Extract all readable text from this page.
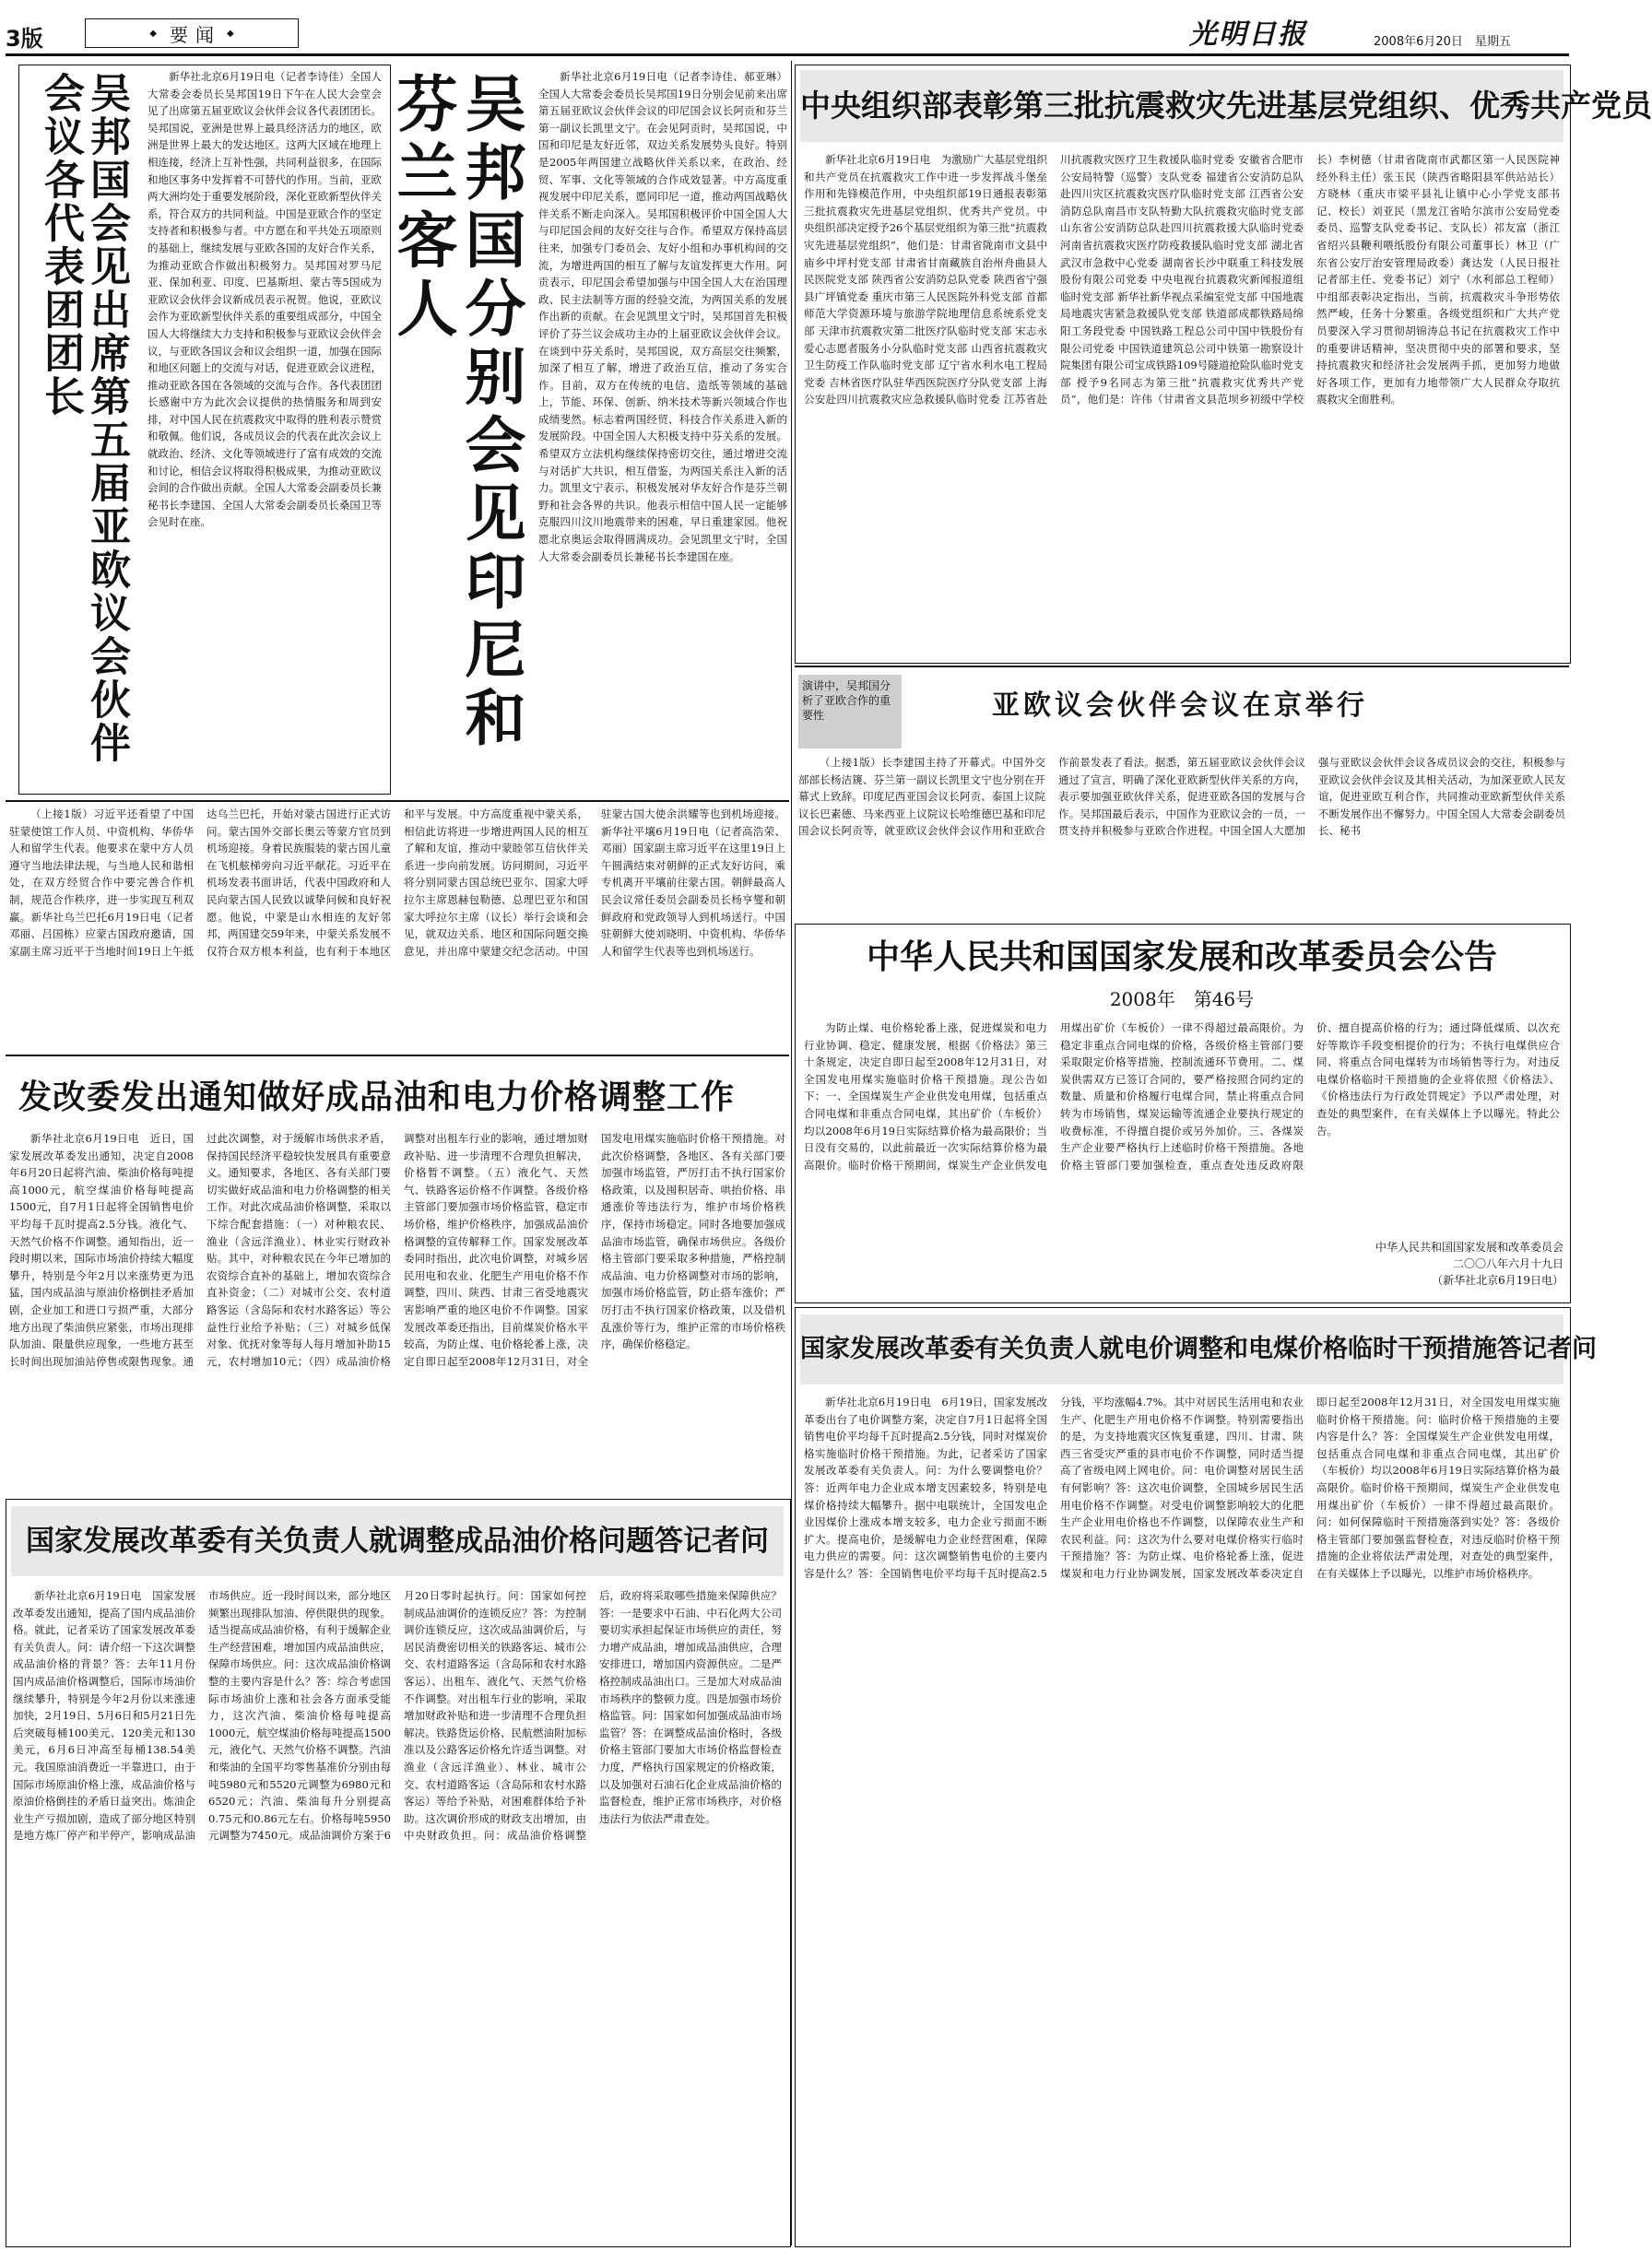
3版	◆ 要闻 ◆	光明日报	2008年6月20日　星期五
吴邦国会见出席第五届亚欧议会伙伴会议各代表团团长	新华社北京6月19日电（记者李诗佳）全国人大常委会委员长吴邦国19日下午在人民大会堂会见了出席第五届亚欧议会伙伴会议各代表团团长。吴邦国说，亚洲是世界上最具经济活力的地区，欧洲是世界上最大的发达地区。这两大区域在地理上相连接，经济上互补性强，共同利益很多，在国际和地区事务中发挥着不可替代的作用。当前，亚欧两大洲均处于重要发展阶段，深化亚欧新型伙伴关系，符合双方的共同利益。中国是亚欧合作的坚定支持者和积极参与者。中方愿在和平共处五项原则的基础上，继续发展与亚欧各国的友好合作关系，为推动亚欧合作做出积极努力。吴邦国对罗马尼亚、保加利亚、印度、巴基斯坦、蒙古等5国成为亚欧议会伙伴会议新成员表示祝贺。他说，亚欧议会作为亚欧新型伙伴关系的重要组成部分，中国全国人大将继续大力支持和积极参与亚欧议会伙伴会议，与亚欧各国议会和议会组织一道，加强在国际和地区问题上的交流与对话，促进亚欧会议进程，推动亚欧各国在各领域的交流与合作。各代表团团长感谢中方为此次会议提供的热情服务和周到安排，对中国人民在抗震救灾中取得的胜利表示赞赏和敬佩。他们说，各成员议会的代表在此次会议上就政治、经济、文化等领域进行了富有成效的交流和讨论，相信会议将取得积极成果，为推动亚欧议会间的合作做出贡献。全国人大常委会副委员长兼秘书长李建国、全国人大常委会副委员长桑国卫等会见时在座。	吴邦国分别会见印尼和芬兰客人	新华社北京6月19日电（记者李诗佳、郝亚琳）全国人大常委会委员长吴邦国19日分别会见前来出席第五届亚欧议会伙伴会议的印尼国会议长阿贡和芬兰第一副议长凯里文宁。在会见阿贡时，吴邦国说，中国和印尼是友好近邻，双边关系发展势头良好。特别是2005年两国建立战略伙伴关系以来，在政治、经贸、军事、文化等领域的合作成效显著。中方高度重视发展中印尼关系，愿同印尼一道，推动两国战略伙伴关系不断走向深入。吴邦国积极评价中国全国人大与印尼国会间的友好交往与合作。希望双方保持高层往来，加强专门委员会、友好小组和办事机构间的交流，为增进两国的相互了解与友谊发挥更大作用。阿贡表示，印尼国会希望加强与中国全国人大在治国理政、民主法制等方面的经验交流，为两国关系的发展作出新的贡献。在会见凯里文宁时，吴邦国首先积极评价了芬兰议会成功主办的上届亚欧议会伙伴会议。在谈到中芬关系时，吴邦国说，双方高层交往频繁，加深了相互了解，增进了政治互信，推动了务实合作。目前，双方在传统的电信、造纸等领域的基础上，节能、环保、创新、纳米技术等新兴领域合作也成绩斐然。标志着两国经贸、科技合作关系进入新的发展阶段。中国全国人大积极支持中芬关系的发展。希望双方立法机构继续保持密切交往，通过增进交流与对话扩大共识，相互借鉴，为两国关系注入新的活力。凯里文宁表示，积极发展对华友好合作是芬兰朝野和社会各界的共识。他表示相信中国人民一定能够克服四川汶川地震带来的困难，早日重建家园。他祝愿北京奥运会取得圆满成功。会见凯里文宁时，全国人大常委会副委员长兼秘书长李建国在座。

中央组织部表彰第三批抗震救灾先进基层党组织、优秀共产党员

新华社北京6月19日电　为激励广大基层党组织和共产党员在抗震救灾工作中进一步发挥战斗堡垒作用和先锋模范作用，中央组织部19日通报表彰第三批抗震救灾先进基层党组织、优秀共产党员。中央组织部决定授予26个基层党组织为第三批“抗震救灾先进基层党组织”，他们是：甘肃省陇南市文县中庙乡中坪村党支部 甘肃省甘南藏族自治州舟曲县人民医院党支部 陕西省公安消防总队党委 陕西省宁强县广坪镇党委 重庆市第三人民医院外科党支部 首都师范大学资源环境与旅游学院地理信息系统系党支部 天津市抗震救灾第二批医疗队临时党支部 宋志永爱心志愿者服务小分队临时党支部 山西省抗震救灾卫生防疫工作队临时党支部 辽宁省水利水电工程局党委 吉林省医疗队驻华西医院医疗分队党支部 上海公安赴四川抗震救灾应急救援队临时党委 江苏省赴川抗震救灾医疗卫生救援队临时党委 安徽省合肥市公安局特警（巡警）支队党委 福建省公安消防总队赴四川灾区抗震救灾医疗队临时党支部 江西省公安消防总队南昌市支队特勤大队抗震救灾临时党支部 山东省公安消防总队赴四川抗震救援大队临时党委 河南省抗震救灾医疗防疫救援队临时党支部 湖北省武汉市急救中心党委 湖南省长沙中联重工科技发展股份有限公司党委 中央电视台抗震救灾新闻报道组临时党支部 新华社新华视点采编室党支部 中国地震局地震灾害紧急救援队党支部 铁道部成都铁路局绵阳工务段党委 中国铁路工程总公司中国中铁股份有限公司党委 中国铁道建筑总公司中铁第一勘察设计院集团有限公司宝成铁路109号隧道抢险队临时党支部 授予9名同志为第三批“抗震救灾优秀共产党员”，他们是：许伟（甘肃省文县范坝乡初级中学校长）李树德（甘肃省陇南市武都区第一人民医院神经外科主任）张玉民（陕西省略阳县军供站站长）方晓林（重庆市梁平县礼让镇中心小学党支部书记、校长）刘亚民（黑龙江省哈尔滨市公安局党委委员、巡警支队党委书记、支队长）祁友富（浙江省绍兴县鞭利喂纸股份有限公司董事长）林卫（广东省公安厅治安管理局政委）龚达发（人民日报社记者部主任、党委书记）刘宁（水利部总工程师）中组部表彰决定指出，当前，抗震救灾斗争形势依然严峻，任务十分繁重。各级党组织和广大共产党员要深入学习贯彻胡锦涛总书记在抗震救灾工作中的重要讲话精神，坚决贯彻中央的部署和要求，坚持抗震救灾和经济社会发展两手抓，更加努力地做好各项工作，更加有力地带领广大人民群众夺取抗震救灾全面胜利。

演讲中，吴邦国分析了亚欧合作的重要性	亚欧议会伙伴会议在京举行

（上接1版）长李建国主持了开幕式。中国外交部部长杨洁篪、芬兰第一副议长凯里文宁也分别在开幕式上致辞。印度尼西亚国会议长阿贡、泰国上议院议长巴素德、马来西亚上议院议长哈维德巴基和印尼国会议长阿贡等，就亚欧议会伙伴会议作用和亚欧合作前景发表了看法。据悉，第五届亚欧议会伙伴会议通过了宣言，明确了深化亚欧新型伙伴关系的方向，表示要加强亚欧伙伴关系，促进亚欧各国的发展与合作。吴邦国最后表示，中国作为亚欧议会的一员，一贯支持并积极参与亚欧合作进程。中国全国人大愿加强与亚欧议会伙伴会议各成员议会的交往，积极参与亚欧议会伙伴会议及其相关活动，为加深亚欧人民友谊，促进亚欧互利合作，共同推动亚欧新型伙伴关系不断发展作出不懈努力。中国全国人大常委会副委员长、秘书

（上接1版）习近平还看望了中国驻蒙使馆工作人员、中资机构、华侨华人和留学生代表。他要求在蒙中方人员遵守当地法律法规，与当地人民和谐相处，在双方经贸合作中要完善合作机制，规范合作秩序，进一步实现互利双赢。新华社乌兰巴托6月19日电（记者邓丽、吕国栋）应蒙古国政府邀请，国家副主席习近平于当地时间19日上午抵达乌兰巴托，开始对蒙古国进行正式访问。蒙古国外交部长奥云等蒙方官员到机场迎接。身着民族服装的蒙古国儿童在飞机舷梯旁向习近平献花。习近平在机场发表书面讲话，代表中国政府和人民向蒙古国人民致以诚挚问候和良好祝愿。他说，中蒙是山水相连的友好邻邦，两国建交59年来，中蒙关系发展不仅符合双方根本利益，也有利于本地区和平与发展。中方高度重视中蒙关系，相信此访将进一步增进两国人民的相互了解和友谊，推动中蒙睦邻互信伙伴关系进一步向前发展。访问期间，习近平将分别同蒙古国总统巴亚尔、国家大呼拉尔主席恩赫包勒德、总理巴亚尔和国家大呼拉尔主席（议长）举行会谈和会见，就双边关系、地区和国际问题交换意见，并出席中蒙建交纪念活动。中国驻蒙古国大使余洪耀等也到机场迎接。新华社平壤6月19日电（记者高浩荣、邓丽）国家副主席习近平在这里19日上午圆满结束对朝鲜的正式友好访问，乘专机离开平壤前往蒙古国。朝鲜最高人民会议常任委员会副委员长杨亨燮和朝鲜政府和党政领导人到机场送行。中国驻朝鲜大使刘晓明、中资机构、华侨华人和留学生代表等也到机场送行。	中华人民共和国国家发展和改革委员会公告
2008年　第46号

为防止煤、电价格轮番上涨，促进煤炭和电力行业协调、稳定、健康发展，根据《价格法》第三十条规定，决定自即日起至2008年12月31日，对全国发电用煤实施临时价格干预措施。现公告如下：一、全国煤炭生产企业供发电用煤，包括重点合同电煤和非重点合同电煤，其出矿价（车板价）均以2008年6月19日实际结算价格为最高限价；当日没有交易的，以此前最近一次实际结算价格为最高限价。临时价格干预期间，煤炭生产企业供发电用煤出矿价（车板价）一律不得超过最高限价。为稳定非重点合同电煤的价格，各级价格主管部门要采取限定价格等措施，控制流通环节费用。二、煤炭供需双方已签订合同的，要严格按照合同约定的数量、质量和价格履行电煤合同，禁止将重点合同转为市场销售，煤炭运输等流通企业要执行规定的收费标准，不得擅自提价或另外加价。三、各煤炭生产企业要严格执行上述临时价格干预措施。各地价格主管部门要加强检查，重点查处违反政府限价、擅自提高价格的行为；通过降低煤质、以次充好等欺诈手段变相提价的行为；不执行电煤供应合同、将重点合同电煤转为市场销售等行为。对违反电煤价格临时干预措施的企业将依照《价格法》、《价格违法行为行政处罚规定》予以严肃处理，对查处的典型案件，在有关媒体上予以曝光。特此公告。

中华人民共和国国家发展和改革委员会
二〇〇八年六月十九日
（新华社北京6月19日电）
发改委发出通知做好成品油和电力价格调整工作

新华社北京6月19日电　近日，国家发展改革委发出通知，决定自2008年6月20日起将汽油、柴油价格每吨提高1000元，航空煤油价格每吨提高1500元，自7月1日起将全国销售电价平均每千瓦时提高2.5分钱。液化气、天然气价格不作调整。通知指出，近一段时期以来，国际市场油价持续大幅度攀升，特别是今年2月以来涨势更为迅猛，国内成品油与原油价格倒挂矛盾加剧，企业加工和进口亏损严重，大部分地方出现了柴油供应紧张，市场出现排队加油、限量供应现象，一些地方甚至长时间出现加油站停售或限售现象。通过此次调整，对于缓解市场供求矛盾，保持国民经济平稳较快发展具有重要意义。通知要求，各地区、各有关部门要切实做好成品油和电力价格调整的相关工作。对此次成品油价格调整，采取以下综合配套措施：（一）对种粮农民、渔业（含远洋渔业）、林业实行财政补贴。其中，对种粮农民在今年已增加的农资综合直补的基础上，增加农资综合直补资金；（二）对城市公交、农村道路客运（含岛际和农村水路客运）等公益性行业给予补贴；（三）对城乡低保对象、优抚对象等每人每月增加补助15元，农村增加10元；（四）成品油价格调整对出租车行业的影响，通过增加财政补贴、进一步清理不合理负担解决，价格暂不调整。（五）液化气、天然气、铁路客运价格不作调整。各级价格主管部门要加强市场价格监管，稳定市场价格，维护价格秩序，加强成品油价格调整的宣传解释工作。国家发展改革委同时指出，此次电价调整，对城乡居民用电和农业、化肥生产用电价格不作调整，四川、陕西、甘肃三省受地震灾害影响严重的地区电价不作调整。国家发展改革委还指出，目前煤炭价格水平较高，为防止煤、电价格轮番上涨，决定自即日起至2008年12月31日，对全国发电用煤实施临时价格干预措施。对此次价格调整，各地区、各有关部门要加强市场监管，严厉打击不执行国家价格政策，以及囤积居奇、哄抬价格、串通涨价等违法行为，维护市场价格秩序，保持市场稳定。同时各地要加强成品油市场监管，确保市场供应。各级价格主管部门要采取多种措施，严格控制成品油、电力价格调整对市场的影响，加强市场价格监管，防止搭车涨价；严厉打击不执行国家价格政策，以及借机乱涨价等行为，维护正常的市场价格秩序，确保价格稳定。

国家发展改革委有关负责人就调整成品油价格问题答记者问

新华社北京6月19日电　国家发展改革委发出通知，提高了国内成品油价格。就此，记者采访了国家发展改革委有关负责人。问：请介绍一下这次调整成品油价格的背景？答：去年11月份国内成品油价格调整后，国际市场油价继续攀升，特别是今年2月份以来涨速加快，2月19日、5月6日和5月21日先后突破每桶100美元、120美元和130美元，6月6日冲高至每桶138.54美元。我国原油消费近一半靠进口，由于国际市场原油价格上涨，成品油价格与原油价格倒挂的矛盾日益突出。炼油企业生产亏损加剧，造成了部分地区特别是地方炼厂停产和半停产，影响成品油市场供应。近一段时间以来，部分地区频繁出现排队加油、停供限供的现象。适当提高成品油价格，有利于缓解企业生产经营困难，增加国内成品油供应，保障市场供应。问：这次成品油价格调整的主要内容是什么？答：综合考虑国际市场油价上涨和社会各方面承受能力，这次汽油、柴油价格每吨提高1000元，航空煤油价格每吨提高1500元，液化气、天然气价格不调整。汽油和柴油的全国平均零售基准价分别由每吨5980元和5520元调整为6980元和6520元；汽油、柴油每升分别提高0.75元和0.86元左右。价格每吨5950元调整为7450元。成品油调价方案于6月20日零时起执行。问：国家如何控制成品油调价的连锁反应？答：为控制调价连锁反应，这次成品油调价后，与居民消费密切相关的铁路客运、城市公交、农村道路客运（含岛际和农村水路客运）、出租车、液化气、天然气价格不作调整。对出租车行业的影响，采取增加财政补贴和进一步清理不合理负担解决。铁路货运价格、民航燃油附加标准以及公路客运价格允许适当调整。对渔业（含远洋渔业）、林业、城市公交、农村道路客运（含岛际和农村水路客运）等给予补贴，对困难群体给予补助。这次调价形成的财政支出增加，由中央财政负担。问：成品油价格调整后，政府将采取哪些措施来保障供应？答：一是要求中石油、中石化两大公司要切实承担起保证市场供应的责任，努力增产成品油，增加成品油供应，合理安排进口，增加国内资源供应。二是严格控制成品油出口。三是加大对成品油市场秩序的整顿力度。四是加强市场价格监管。问：国家如何加强成品油市场监管？答：在调整成品油价格时，各级价格主管部门要加大市场价格监督检查力度，严格执行国家规定的价格政策，以及加强对石油石化企业成品油价格的监督检查，维护正常市场秩序，对价格违法行为依法严肃查处。

国家发展改革委有关负责人就电价调整和电煤价格临时干预措施答记者问

新华社北京6月19日电　6月19日，国家发展改革委出台了电价调整方案，决定自7月1日起将全国销售电价平均每千瓦时提高2.5分钱，同时对煤炭价格实施临时价格干预措施。为此，记者采访了国家发展改革委有关负责人。问：为什么要调整电价？答：近两年电力企业成本增支因素较多，特别是电煤价格持续大幅攀升。据中电联统计，全国发电企业因煤价上涨成本增支较多，电力企业亏损面不断扩大。提高电价，是缓解电力企业经营困难，保障电力供应的需要。问：这次调整销售电价的主要内容是什么？答：全国销售电价平均每千瓦时提高2.5分钱，平均涨幅4.7%。其中对居民生活用电和农业生产、化肥生产用电价格不作调整。特别需要指出的是，为支持地震灾区恢复重建，四川、甘肃、陕西三省受灾严重的县市电价不作调整，同时适当提高了省级电网上网电价。问：电价调整对居民生活有何影响？答：这次电价调整，全国城乡居民生活用电价格不作调整。对受电价调整影响较大的化肥生产企业用电价格也不作调整，以保障农业生产和农民利益。问：这次为什么要对电煤价格实行临时干预措施？答：为防止煤、电价格轮番上涨，促进煤炭和电力行业协调发展，国家发展改革委决定自即日起至2008年12月31日，对全国发电用煤实施临时价格干预措施。问：临时价格干预措施的主要内容是什么？答：全国煤炭生产企业供发电用煤，包括重点合同电煤和非重点合同电煤，其出矿价（车板价）均以2008年6月19日实际结算价格为最高限价。临时价格干预期间，煤炭生产企业供发电用煤出矿价（车板价）一律不得超过最高限价。问：如何保障临时干预措施落到实处？答：各级价格主管部门要加强监督检查，对违反临时价格干预措施的企业将依法严肃处理，对查处的典型案件，在有关媒体上予以曝光，以维护市场价格秩序。
